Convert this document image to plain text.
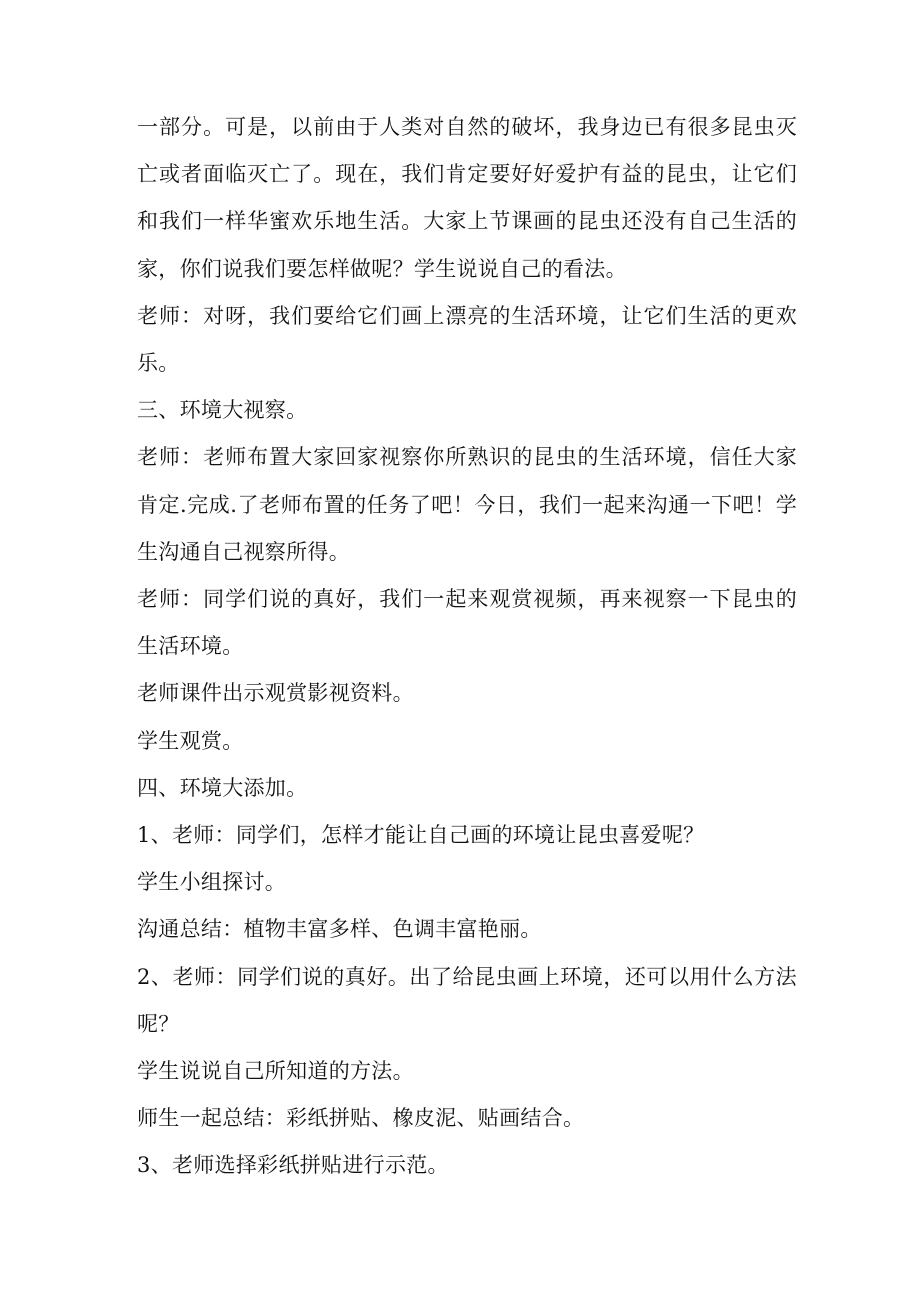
一部分。可是，以前由于人类对自然的破坏，我身边已有很多昆虫灭亡或者面临灭亡了。现在，我们肯定要好好爱护有益的昆虫，让它们和我们一样华蜜欢乐地生活。大家上节课画的昆虫还没有自己生活的家，你们说我们要怎样做呢？学生说说自己的看法。

老师：对呀，我们要给它们画上漂亮的生活环境，让它们生活的更欢乐。

三、环境大视察。

老师：老师布置大家回家视察你所熟识的昆虫的生活环境，信任大家肯定.完成.了老师布置的任务了吧！今日，我们一起来沟通一下吧！学生沟通自己视察所得。

老师：同学们说的真好，我们一起来观赏视频，再来视察一下昆虫的生活环境。

老师课件出示观赏影视资料。

学生观赏。

四、环境大添加。

1、老师：同学们，怎样才能让自己画的环境让昆虫喜爱呢？

学生小组探讨。

沟通总结：植物丰富多样、色调丰富艳丽。

2、老师：同学们说的真好。出了给昆虫画上环境，还可以用什么方法呢？

学生说说自己所知道的方法。

师生一起总结：彩纸拼贴、橡皮泥、贴画结合。

3、老师选择彩纸拼贴进行示范。
